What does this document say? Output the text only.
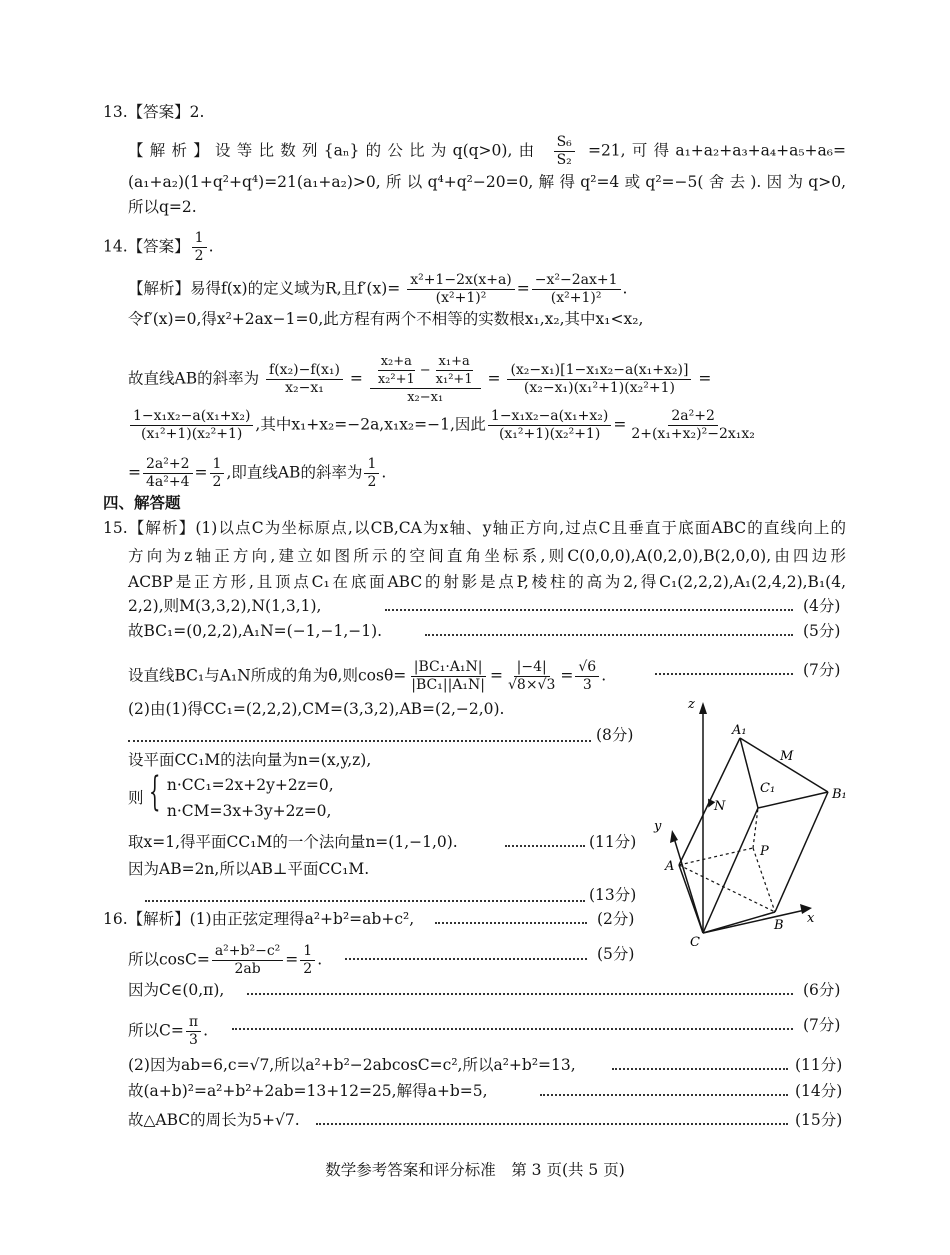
13.【答案】2.
【解析】设等比数列{aₙ}的公比为q(q>0),由 $\frac{\text{S₆}}{\text{S₂}} =21$,可得a₁+a₂+a₃+a₄+a₅+a₆=
(a₁+a₂)(1+q²+q⁴)=21(a₁+a₂)>0,所以q⁴+q²−20=0,解得q²=4或q²=−5(舍去).因为q>0,
所以q=2.
14.【答案】 $\frac{1}{2}$ .
【解析】易得f(x)的定义域为R,且$f'(x)= \frac{\text{x²+1−2x(x+a)}}{\text{(x²+1)²}} = \frac{\text{−x²−2ax+1}}{\text{(x²+1)²}}$ .
令f′(x)=0,得x²+2ax−1=0,此方程有两个不相等的实数根x₁,x₂,其中x₁<x₂,
故直线AB的斜率为 $\frac{\text{f(x₂)−f(x₁)}}{\text{x₂−x₁}} = x_2+a$
x₂²+1
−
x₁+a
x₁²+1
$x_2-x_1 = \frac{\text{(x₂−x₁)[1−x₁x₂−a(x₁+x₂)]}}{\text{(x₂−x₁)(x₁²+1)(x₂²+1)}}$ =
$\frac{\text{1−x₁x₂−a(x₁+x₂)}}{\text{(x₁²+1)(x₂²+1)}}$ ,其中x₁+x₂=−2a,x₁x₂=−1,因此 $\frac{\text{1−x₁x₂−a(x₁+x₂)}}{\text{(x₁²+1)(x₂²+1)}} = \frac{\text{2a²+2}}{\text{2+(x₁+x₂)²−2x₁x₂}}$
= $\frac{\text{2a²+2}}{\text{4a²+4}} = \frac{1}{2}$ ,即直线AB的斜率为 $\frac{1}{2}$ .
四、解答题
15.【解析】(1)以点C为坐标原点,以CB,CA为x轴、y轴正方向,过点C且垂直于底面ABC的直线向上的
方向为z轴正方向,建立如图所示的空间直角坐标系,则C(0,0,0),A(0,2,0),B(2,0,0),由四边形
ACBP是正方形,且顶点C₁在底面ABC的射影是点P,棱柱的高为2,得C₁(2,2,2),A₁(2,4,2),B₁(4,
2,2),则M(3,3,2),N(1,3,1),	(4分)
故BC₁=(0,2,2),A₁N=(−1,−1,−1).	(5分)
设直线BC₁与A₁N所成的角为θ,则$\cos\theta= \frac{\text{|BC₁·A₁N|}}{\text{|BC₁||A₁N|}} = \frac{|-4|}{√8\times√3} = \frac{√6}{3}$ .	(7分)
(2)由(1)得CC₁=(2,2,2),CM=(3,3,2),AB=(2,−2,0).
(8分)
设平面CC₁M的法向量为n=(x,y,z),
则 { n·CC₁=2x+2y+2z=0,
n·CM=3x+3y+2z=0,
取x=1,得平面CC₁M的一个法向量n=(1,−1,0).	(11分)
因为AB=2n,所以AB⊥平面CC₁M.
(13分)
z
A₁
M
C₁	B₁
N
y
P
A
x
B
C
16.【解析】(1)由正弦定理得a²+b²=ab+c²,	(2分)
所以$\cos C= \frac{\text{a²+b²−c²}}{2ab} = \frac{1}{2}$ .	(5分)
因为C∈(0,π),	(6分)
所以$C= \frac{\pi}{3}$ .	(7分)
(2)因为ab=6,c=√7,所以a²+b²−2abcosC=c²,所以a²+b²=13,	(11分)
故(a+b)²=a²+b²+2ab=13+12=25,解得a+b=5,	(14分)
故△ABC的周长为5+√7.	(15分)
数学参考答案和评分标准　第 3 页(共 5 页)
